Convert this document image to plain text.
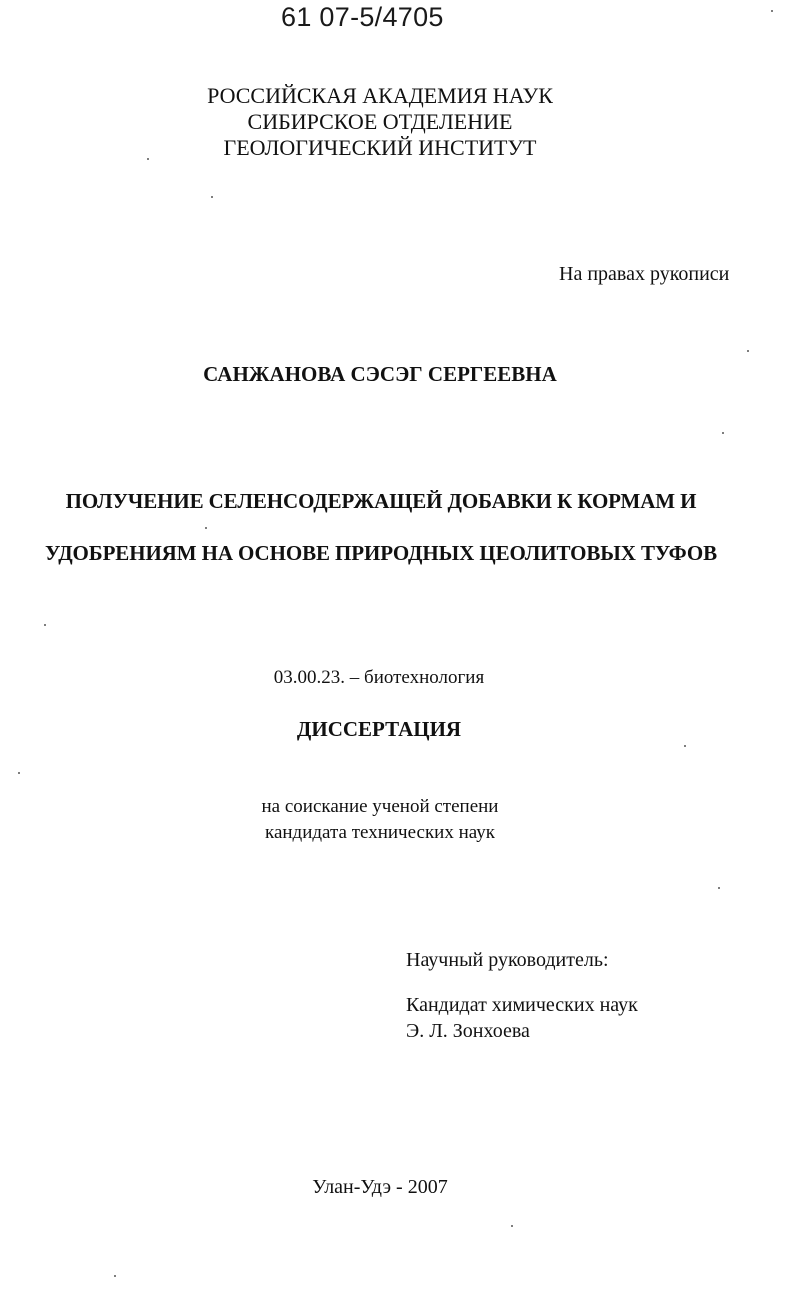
61 07-5/4705
РОССИЙСКАЯ АКАДЕМИЯ НАУК
СИБИРСКОЕ ОТДЕЛЕНИЕ
ГЕОЛОГИЧЕСКИЙ ИНСТИТУТ
На правах рукописи
САНЖАНОВА СЭСЭГ СЕРГЕЕВНА
ПОЛУЧЕНИЕ СЕЛЕНСОДЕРЖАЩЕЙ ДОБАВКИ К КОРМАМ И
УДОБРЕНИЯМ НА ОСНОВЕ ПРИРОДНЫХ ЦЕОЛИТОВЫХ ТУФОВ
03.00.23. – биотехнология
ДИССЕРТАЦИЯ
на соискание ученой степени
кандидата технических наук
Научный руководитель:
Кандидат химических наук
Э. Л. Зонхоева
Улан-Удэ - 2007
